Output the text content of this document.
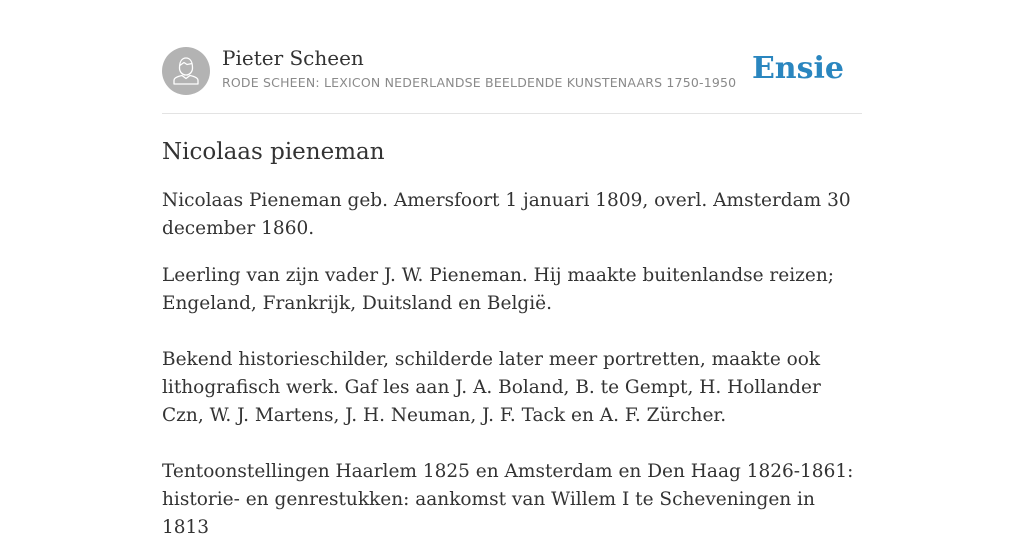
Pieter Scheen
RODE SCHEEN: LEXICON NEDERLANDSE BEELDENDE KUNSTENAARS 1750-1950 Ensie
Nicolaas pieneman

Nicolaas Pieneman geb. Amersfoort 1 januari 1809, overl. Amsterdam 30 december 1860.

Leerling van zijn vader J. W. Pieneman. Hij maakte buitenlandse reizen; Engeland, Frankrijk, Duitsland en België.

Bekend historieschilder, schilderde later meer portretten, maakte ook lithografisch werk. Gaf les aan J. A. Boland, B. te Gempt, H. Hollander Czn, W. J. Martens, J. H. Neuman, J. F. Tack en A. F. Zürcher.

Tentoonstellingen Haarlem 1825 en Amsterdam en Den Haag 1826-1861: historie- en genrestukken: aankomst van Willem I te Scheveningen in 1813
